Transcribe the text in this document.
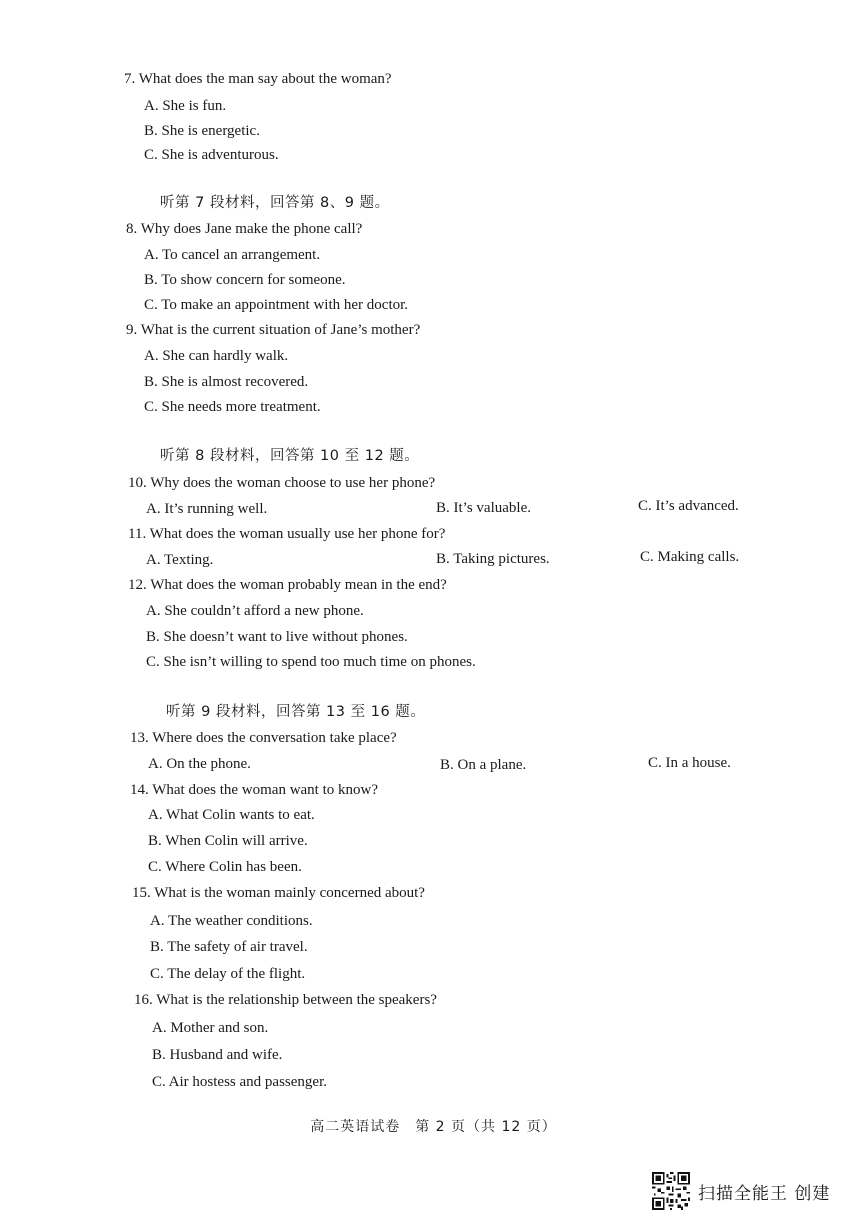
7. What does the man say about the woman?
A. She is fun.
B. She is energetic.
C. She is adventurous.
听第 7 段材料，回答第 8、9 题。
8. Why does Jane make the phone call?
A. To cancel an arrangement.
B. To show concern for someone.
C. To make an appointment with her doctor.
9. What is the current situation of Jane’s mother?
A. She can hardly walk.
B. She is almost recovered.
C. She needs more treatment.
听第 8 段材料，回答第 10 至 12 题。
10. Why does the woman choose to use her phone?
A. It’s running well.	B. It’s valuable.	C. It’s advanced.
11. What does the woman usually use her phone for?
A. Texting.	B. Taking pictures.	C. Making calls.
12. What does the woman probably mean in the end?
A. She couldn’t afford a new phone.
B. She doesn’t want to live without phones.
C. She isn’t willing to spend too much time on phones.
听第 9 段材料，回答第 13 至 16 题。
13. Where does the conversation take place?
A. On the phone.	B. On a plane.	C. In a house.
14. What does the woman want to know?
A. What Colin wants to eat.
B. When Colin will arrive.
C. Where Colin has been.
15. What is the woman mainly concerned about?
A. The weather conditions.
B. The safety of air travel.
C. The delay of the flight.
16. What is the relationship between the speakers?
A. Mother and son.
B. Husband and wife.
C. Air hostess and passenger.
高二英语试卷　第 2 页（共 12 页）
扫描全能王 创建
